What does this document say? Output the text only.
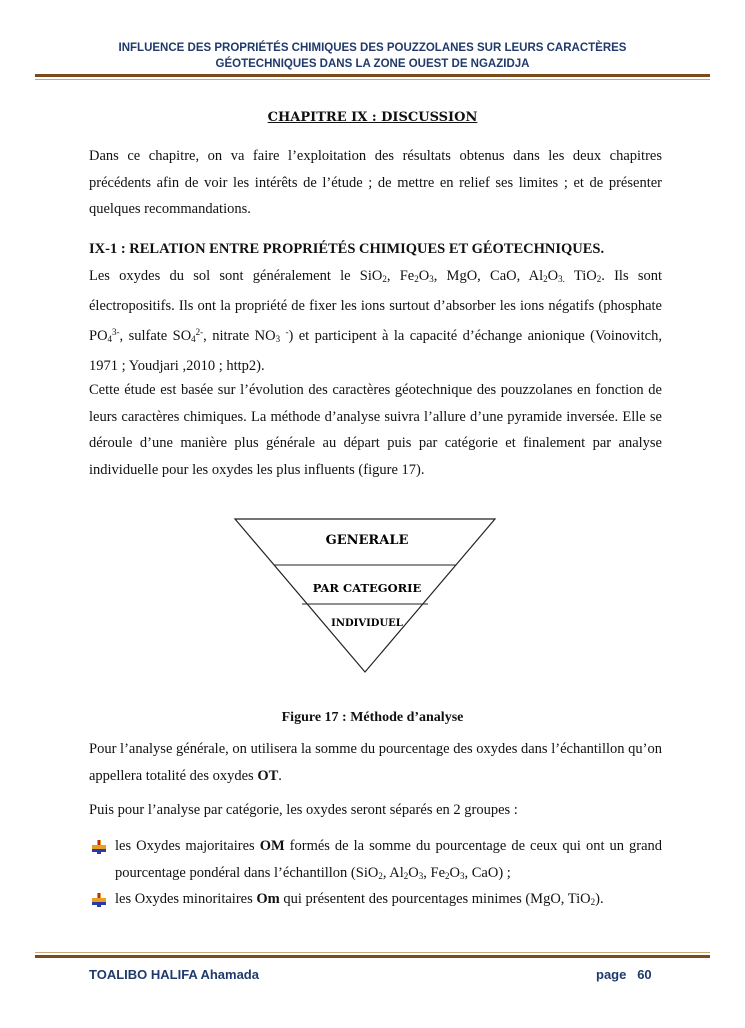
INFLUENCE DES PROPRIÉTÉS CHIMIQUES DES POUZZOLANES SUR LEURS CARACTÈRES
GÉOTECHNIQUES DANS LA ZONE OUEST DE NGAZIDJA
CHAPITRE IX : DISCUSSION
Dans ce chapitre, on va faire l’exploitation des résultats obtenus dans les deux chapitres précédents afin de voir les intérêts de l’étude ; de mettre en relief ses limites ; et de présenter quelques recommandations.
IX-1 : RELATION ENTRE PROPRIÉTÉS CHIMIQUES ET GÉOTECHNIQUES.
Les oxydes du sol sont généralement le SiO$_2$, $Fe_2O_3$, MgO, CaO, $Al_2O_{3.}$ TiO$_2$. Ils sont électropositifs. Ils ont la propriété de fixer les ions surtout d’absorber les ions négatifs (phosphate $PO_4^{3-}$, sulfate $SO_4^{2-}$, nitrate $NO_3$ -) et participent à la capacité d’échange anionique (Voinovitch, 1971 ; Youdjari ,2010 ; http2).
Cette étude est basée sur l’évolution des caractères géotechnique des pouzzolanes en fonction de leurs caractères chimiques. La méthode d’analyse suivra l’allure d’une pyramide inversée. Elle se déroule d’une manière plus générale au départ puis par catégorie et finalement par analyse individuelle pour les oxydes les plus influents (figure 17).
GENERALE
PAR CATEGORIE
INDIVIDUEL
Figure 17 : Méthode d’analyse
Pour l’analyse générale, on utilisera la somme du pourcentage des oxydes dans l’échantillon qu’on appellera totalité des oxydes OT.
Puis pour l’analyse par catégorie, les oxydes seront séparés en 2 groupes :
les Oxydes majoritaires OM formés de la somme du pourcentage de ceux qui ont un grand pourcentage pondéral dans l’échantillon (SiO$_2$, $Al_2O_3$, $Fe_2O_3$, CaO) ;
les Oxydes minoritaires Om qui présentent des pourcentages minimes (MgO, TiO$_2$).
TOALIBO HALIFA Ahamada	page 60
